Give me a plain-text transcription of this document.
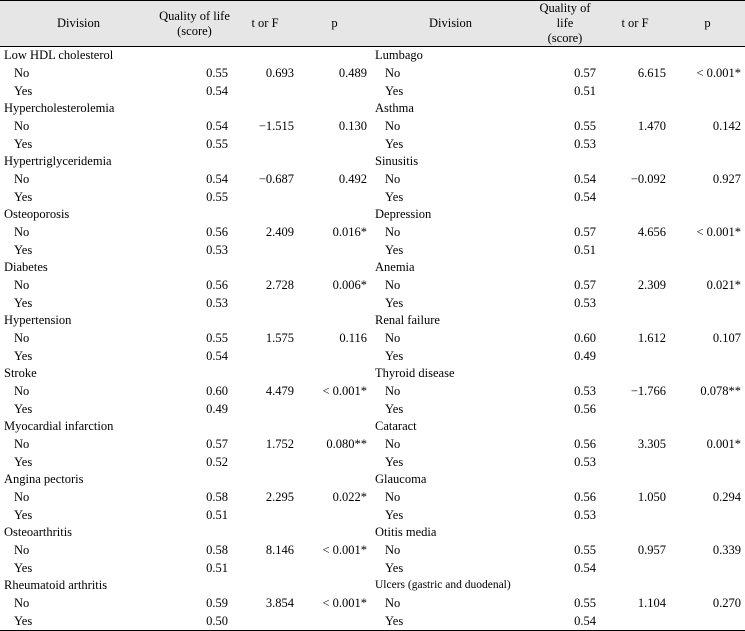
Division	Quality of life
(score)	t or F	p	Division	Quality of life
(score)	t or F	p
Low HDL cholesterol				Lumbago			
No	0.55	0.693	0.489	No	0.57	6.615	< 0.001*
Yes	0.54			Yes	0.51		
Hypercholesterolemia				Asthma			
No	0.54	−1.515	0.130	No	0.55	1.470	0.142
Yes	0.55			Yes	0.53		
Hypertriglyceridemia				Sinusitis			
No	0.54	−0.687	0.492	No	0.54	−0.092	0.927
Yes	0.55			Yes	0.54		
Osteoporosis				Depression			
No	0.56	2.409	0.016*	No	0.57	4.656	< 0.001*
Yes	0.53			Yes	0.51		
Diabetes				Anemia			
No	0.56	2.728	0.006*	No	0.57	2.309	0.021*
Yes	0.53			Yes	0.53		
Hypertension				Renal failure			
No	0.55	1.575	0.116	No	0.60	1.612	0.107
Yes	0.54			Yes	0.49		
Stroke				Thyroid disease			
No	0.60	4.479	< 0.001*	No	0.53	−1.766	0.078**
Yes	0.49			Yes	0.56		
Myocardial infarction				Cataract			
No	0.57	1.752	0.080**	No	0.56	3.305	0.001*
Yes	0.52			Yes	0.53		
Angina pectoris				Glaucoma			
No	0.58	2.295	0.022*	No	0.56	1.050	0.294
Yes	0.51			Yes	0.53		
Osteoarthritis				Otitis media			
No	0.58	8.146	< 0.001*	No	0.55	0.957	0.339
Yes	0.51			Yes	0.54		
Rheumatoid arthritis				Ulcers (gastric and duodenal)			
No	0.59	3.854	< 0.001*	No	0.55	1.104	0.270
Yes	0.50			Yes	0.54		
